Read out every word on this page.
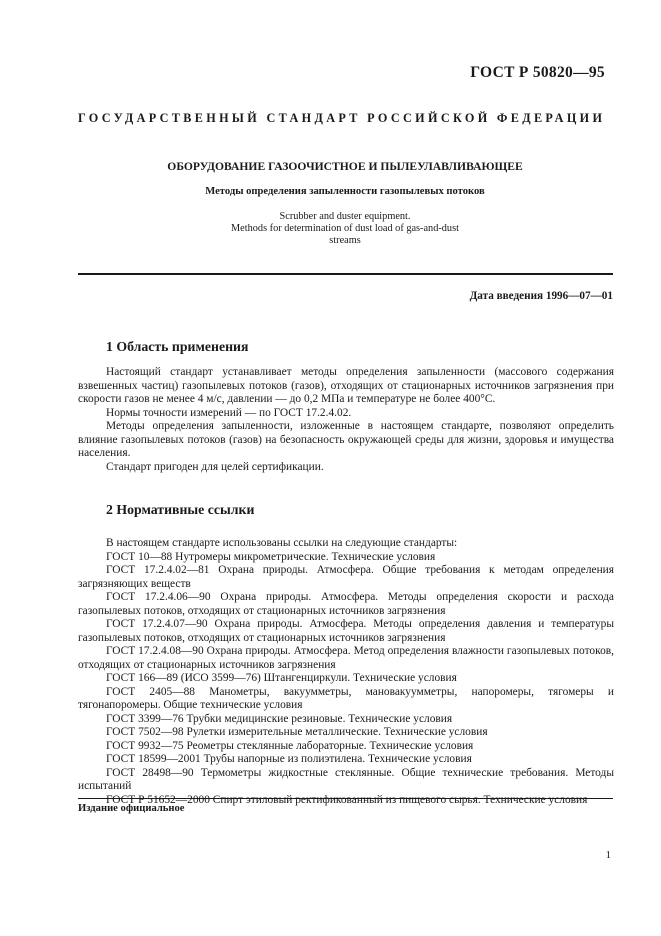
ГОСТ Р 50820—95
ГОСУДАРСТВЕННЫЙ СТАНДАРТ РОССИЙСКОЙ ФЕДЕРАЦИИ
ОБОРУДОВАНИЕ ГАЗООЧИСТНОЕ И ПЫЛЕУЛАВЛИВАЮЩЕЕ
Методы определения запыленности газопылевых потоков
Scrubber and duster equipment.
Methods for determination of dust load of gas-and-dust
streams
Дата введения 1996—07—01
1 Область применения

Настоящий стандарт устанавливает методы определения запыленности (массового содержания взвешенных частиц) газопылевых потоков (газов), отходящих от стационарных источников загрязнения при скорости газов не менее 4 м/с, давлении — до 0,2 МПа и температуре не более 400°C.

Нормы точности измерений — по ГОСТ 17.2.4.02.

Методы определения запыленности, изложенные в настоящем стандарте, позволяют определить влияние газопылевых потоков (газов) на безопасность окружающей среды для жизни, здоровья и имущества населения.

Стандарт пригоден для целей сертификации.

2 Нормативные ссылки

В настоящем стандарте использованы ссылки на следующие стандарты:

ГОСТ 10—88 Нутромеры микрометрические. Технические условия

ГОСТ 17.2.4.02—81 Охрана природы. Атмосфера. Общие требования к методам определения загрязняющих веществ

ГОСТ 17.2.4.06—90 Охрана природы. Атмосфера. Методы определения скорости и расхода газопылевых потоков, отходящих от стационарных источников загрязнения

ГОСТ 17.2.4.07—90 Охрана природы. Атмосфера. Методы определения давления и температуры газопылевых потоков, отходящих от стационарных источников загрязнения

ГОСТ 17.2.4.08—90 Охрана природы. Атмосфера. Метод определения влажности газопылевых потоков, отходящих от стационарных источников загрязнения

ГОСТ 166—89 (ИСО 3599—76) Штангенциркули. Технические условия

ГОСТ 2405—88 Манометры, вакуумметры, мановакуумметры, напоромеры, тягомеры и тягонапоромеры. Общие технические условия

ГОСТ 3399—76 Трубки медицинские резиновые. Технические условия

ГОСТ 7502—98 Рулетки измерительные металлические. Технические условия

ГОСТ 9932—75 Реометры стеклянные лабораторные. Технические условия

ГОСТ 18599—2001 Трубы напорные из полиэтилена. Технические условия

ГОСТ 28498—90 Термометры жидкостные стеклянные. Общие технические требования. Методы испытаний

ГОСТ Р 51652—2000 Спирт этиловый ректификованный из пищевого сырья. Технические условия

Издание официальное
1
